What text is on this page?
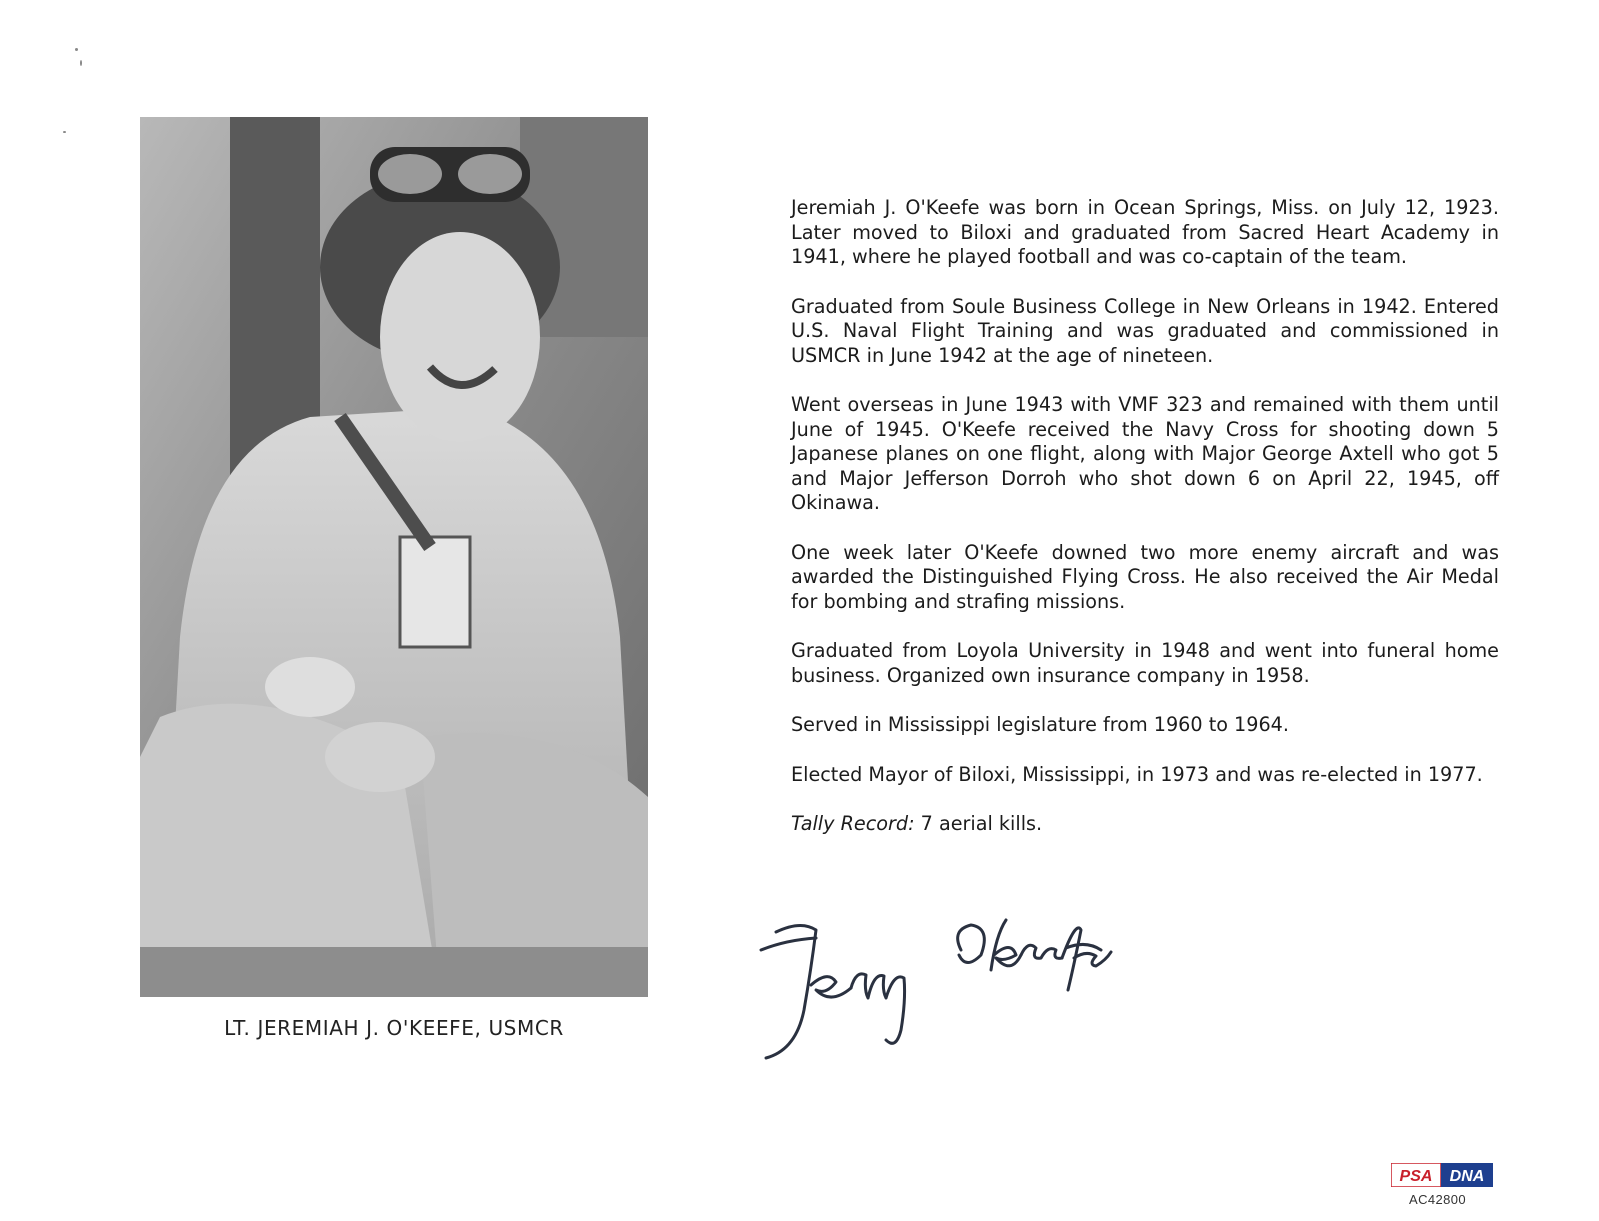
LT. JEREMIAH J. O'KEEFE, USMCR

Jeremiah J. O'Keefe was born in Ocean Springs, Miss. on July 12, 1923. Later moved to Biloxi and graduated from Sacred Heart Academy in 1941, where he played football and was co-captain of the team.

Graduated from Soule Business College in New Orleans in 1942. Entered U.S. Naval Flight Training and was graduated and commissioned in USMCR in June 1942 at the age of nineteen.

Went overseas in June 1943 with VMF 323 and remained with them until June of 1945. O'Keefe received the Navy Cross for shooting down 5 Japanese planes on one flight, along with Major George Axtell who got 5 and Major Jefferson Dorroh who shot down 6 on April 22, 1945, off Okinawa.

One week later O'Keefe downed two more enemy aircraft and was awarded the Distinguished Flying Cross. He also received the Air Medal for bombing and strafing missions.

Graduated from Loyola University in 1948 and went into funeral home business. Organized own insurance company in 1958.

Served in Mississippi legislature from 1960 to 1964.

Elected Mayor of Biloxi, Mississippi, in 1973 and was re-elected in 1977.

Tally Record: 7 aerial kills.

PSA DNA
AC42800
